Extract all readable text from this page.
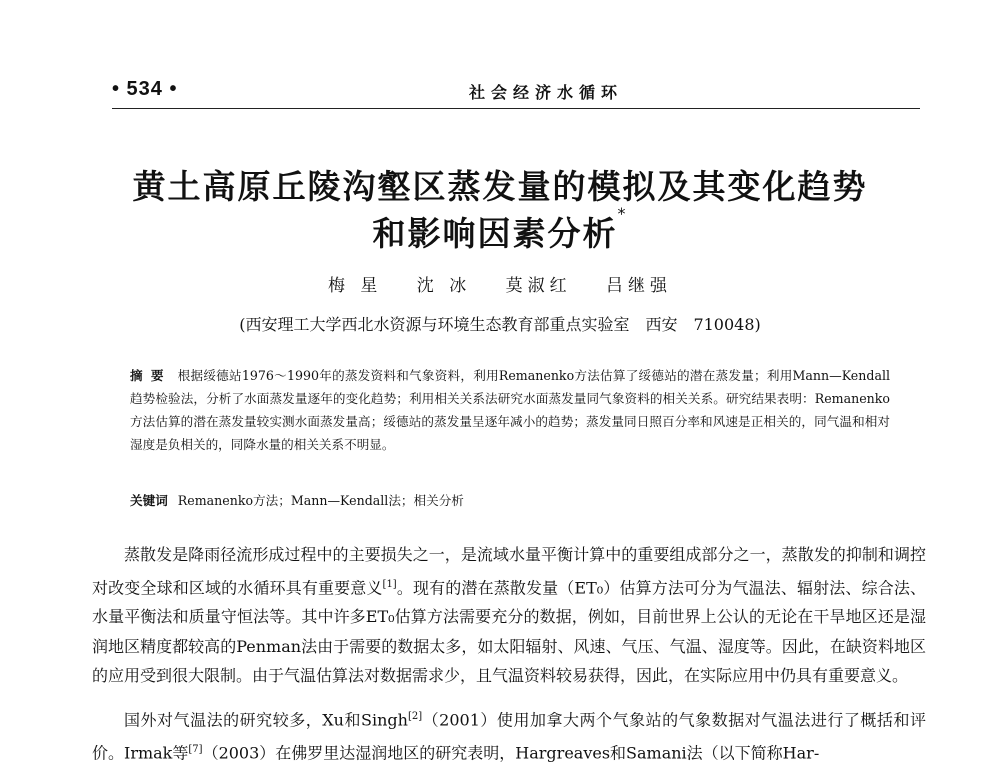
• 534 •	社会经济水循环
黄土高原丘陵沟壑区蒸发量的模拟及其变化趋势
和影响因素分析*
梅 星 沈 冰 莫淑红 吕继强
(西安理工大学西北水资源与环境生态教育部重点实验室　西安　710048)

摘要 根据绥德站1976～1990年的蒸发资料和气象资料，利用Remanenko方法估算了绥德站的潜在蒸发量；利用Mann—Kendall趋势检验法，分析了水面蒸发量逐年的变化趋势；利用相关关系法研究水面蒸发量同气象资料的相关关系。研究结果表明：Remanenko方法估算的潜在蒸发量较实测水面蒸发量高；绥德站的蒸发量呈逐年减小的趋势；蒸发量同日照百分率和风速是正相关的，同气温和相对湿度是负相关的，同降水量的相关关系不明显。

关键词 Remanenko方法；Mann—Kendall法；相关分析

蒸散发是降雨径流形成过程中的主要损失之一，是流域水量平衡计算中的重要组成部分之一，蒸散发的抑制和调控对改变全球和区域的水循环具有重要意义[1]。现有的潜在蒸散发量（ET₀）估算方法可分为气温法、辐射法、综合法、水量平衡法和质量守恒法等。其中许多ET₀估算方法需要充分的数据，例如，目前世界上公认的无论在干旱地区还是湿润地区精度都较高的Penman法由于需要的数据太多，如太阳辐射、风速、气压、气温、湿度等。因此，在缺资料地区的应用受到很大限制。由于气温估算法对数据需求少，且气温资料较易获得，因此，在实际应用中仍具有重要意义。

国外对气温法的研究较多，Xu和Singh[2]（2001）使用加拿大两个气象站的气象数据对气温法进行了概括和评价。Irmak等[7]（2003）在佛罗里达湿润地区的研究表明，Hargreaves和Samani法（以下简称Har-
